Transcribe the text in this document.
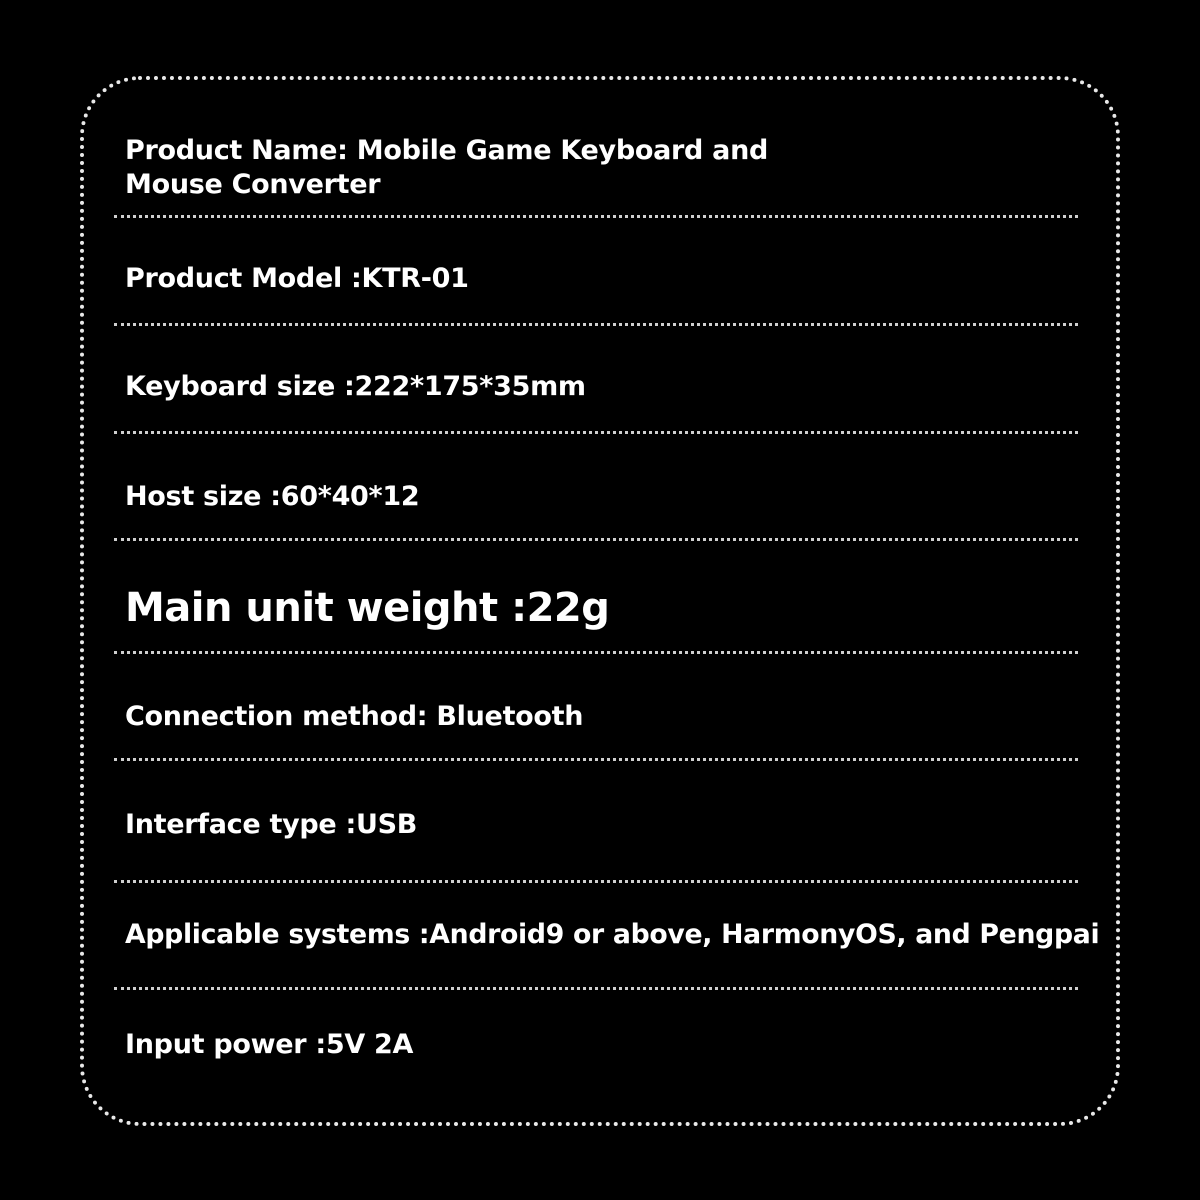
Product Name: Mobile Game Keyboard and
Mouse Converter
Product Model :KTR-01
Keyboard size :222*175*35mm
Host size :60*40*12
Main unit weight :22g
Connection method: Bluetooth
Interface type :USB
Applicable systems :Android9 or above, HarmonyOS, and Pengpai
Input power :5V 2A
